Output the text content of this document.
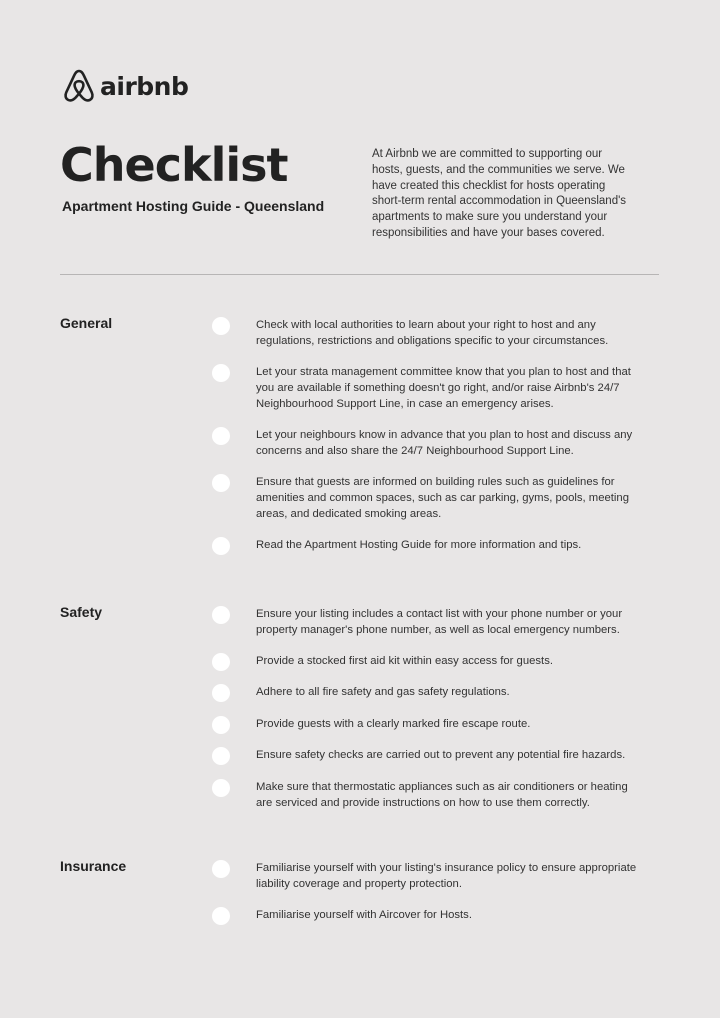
airbnb
Checklist

Apartment Hosting Guide - Queensland

At Airbnb we are committed to supporting our hosts, guests, and the communities we serve. We have created this checklist for hosts operating short-term rental accommodation in Queensland's apartments to make sure you understand your responsibilities and have your bases covered.

General	Check with local authorities to learn about your right to host and any regulations, restrictions and obligations specific to your circumstances.

Let your strata management committee know that you plan to host and that you are available if something doesn't go right, and/or raise Airbnb's 24/7 Neighbourhood Support Line, in case an emergency arises.

Let your neighbours know in advance that you plan to host and discuss any concerns and also share the 24/7 Neighbourhood Support Line.

Ensure that guests are informed on building rules such as guidelines for amenities and common spaces, such as car parking, gyms, pools, meeting areas, and dedicated smoking areas.

Read the Apartment Hosting Guide for more information and tips.

Safety	Ensure your listing includes a contact list with your phone number or your property manager's phone number, as well as local emergency numbers.

Provide a stocked first aid kit within easy access for guests.

Adhere to all fire safety and gas safety regulations.

Provide guests with a clearly marked fire escape route.

Ensure safety checks are carried out to prevent any potential fire hazards.

Make sure that thermostatic appliances such as air conditioners or heating are serviced and provide instructions on how to use them correctly.

Insurance	Familiarise yourself with your listing's insurance policy to ensure appropriate liability coverage and property protection.

Familiarise yourself with Aircover for Hosts.
